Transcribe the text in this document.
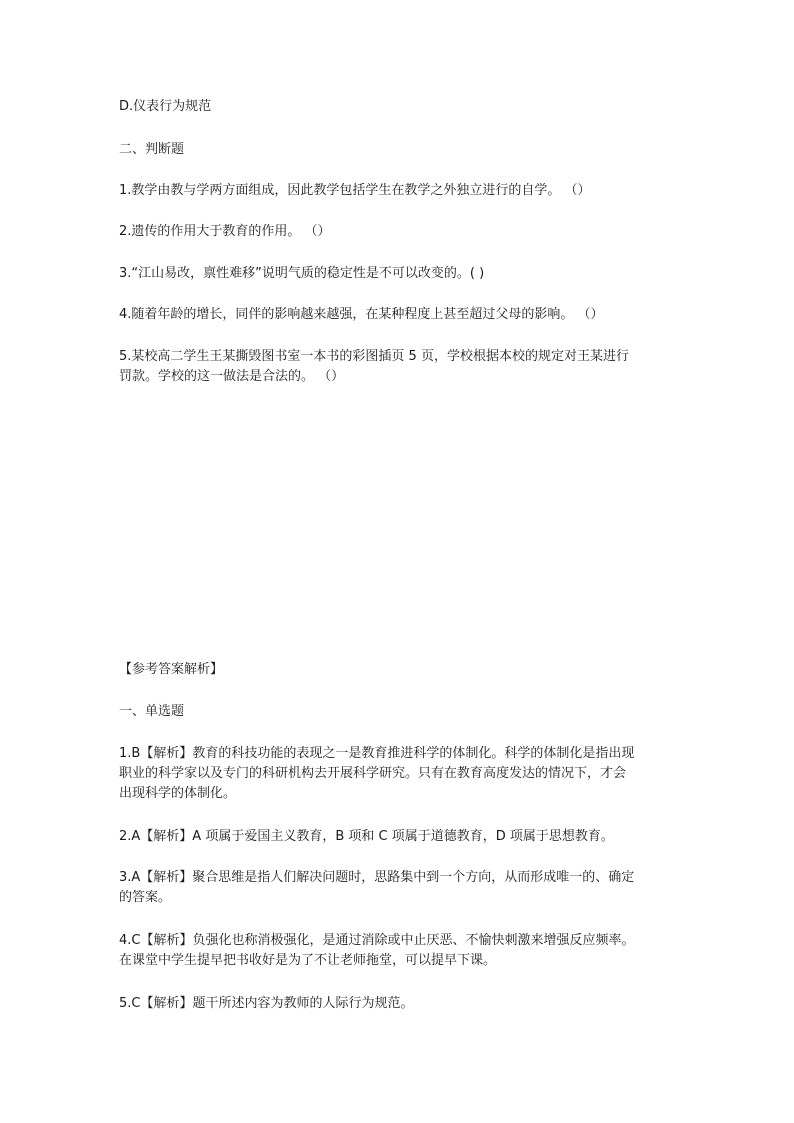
D.仪表行为规范
二、判断题
1.教学由教与学两方面组成，因此教学包括学生在教学之外独立进行的自学。 （）
2.遗传的作用大于教育的作用。 （）
3.“江山易改，禀性难移”说明气质的稳定性是不可以改变的。( )
4.随着年龄的增长，同伴的影响越来越强，在某种程度上甚至超过父母的影响。 （）
5.某校高二学生王某撕毁图书室一本书的彩图插页 5 页，学校根据本校的规定对王某进行
罚款。学校的这一做法是合法的。 （）
【参考答案解析】
一、单选题
1.B【解析】教育的科技功能的表现之一是教育推进科学的体制化。科学的体制化是指出现
职业的科学家以及专门的科研机构去开展科学研究。只有在教育高度发达的情况下，才会
出现科学的体制化。
2.A【解析】A 项属于爱国主义教育，B 项和 C 项属于道德教育，D 项属于思想教育。
3.A【解析】聚合思维是指人们解决问题时，思路集中到一个方向，从而形成唯一的、确定
的答案。
4.C【解析】负强化也称消极强化，是通过消除或中止厌恶、不愉快刺激来增强反应频率。
在课堂中学生提早把书收好是为了不让老师拖堂，可以提早下课。
5.C【解析】题干所述内容为教师的人际行为规范。
